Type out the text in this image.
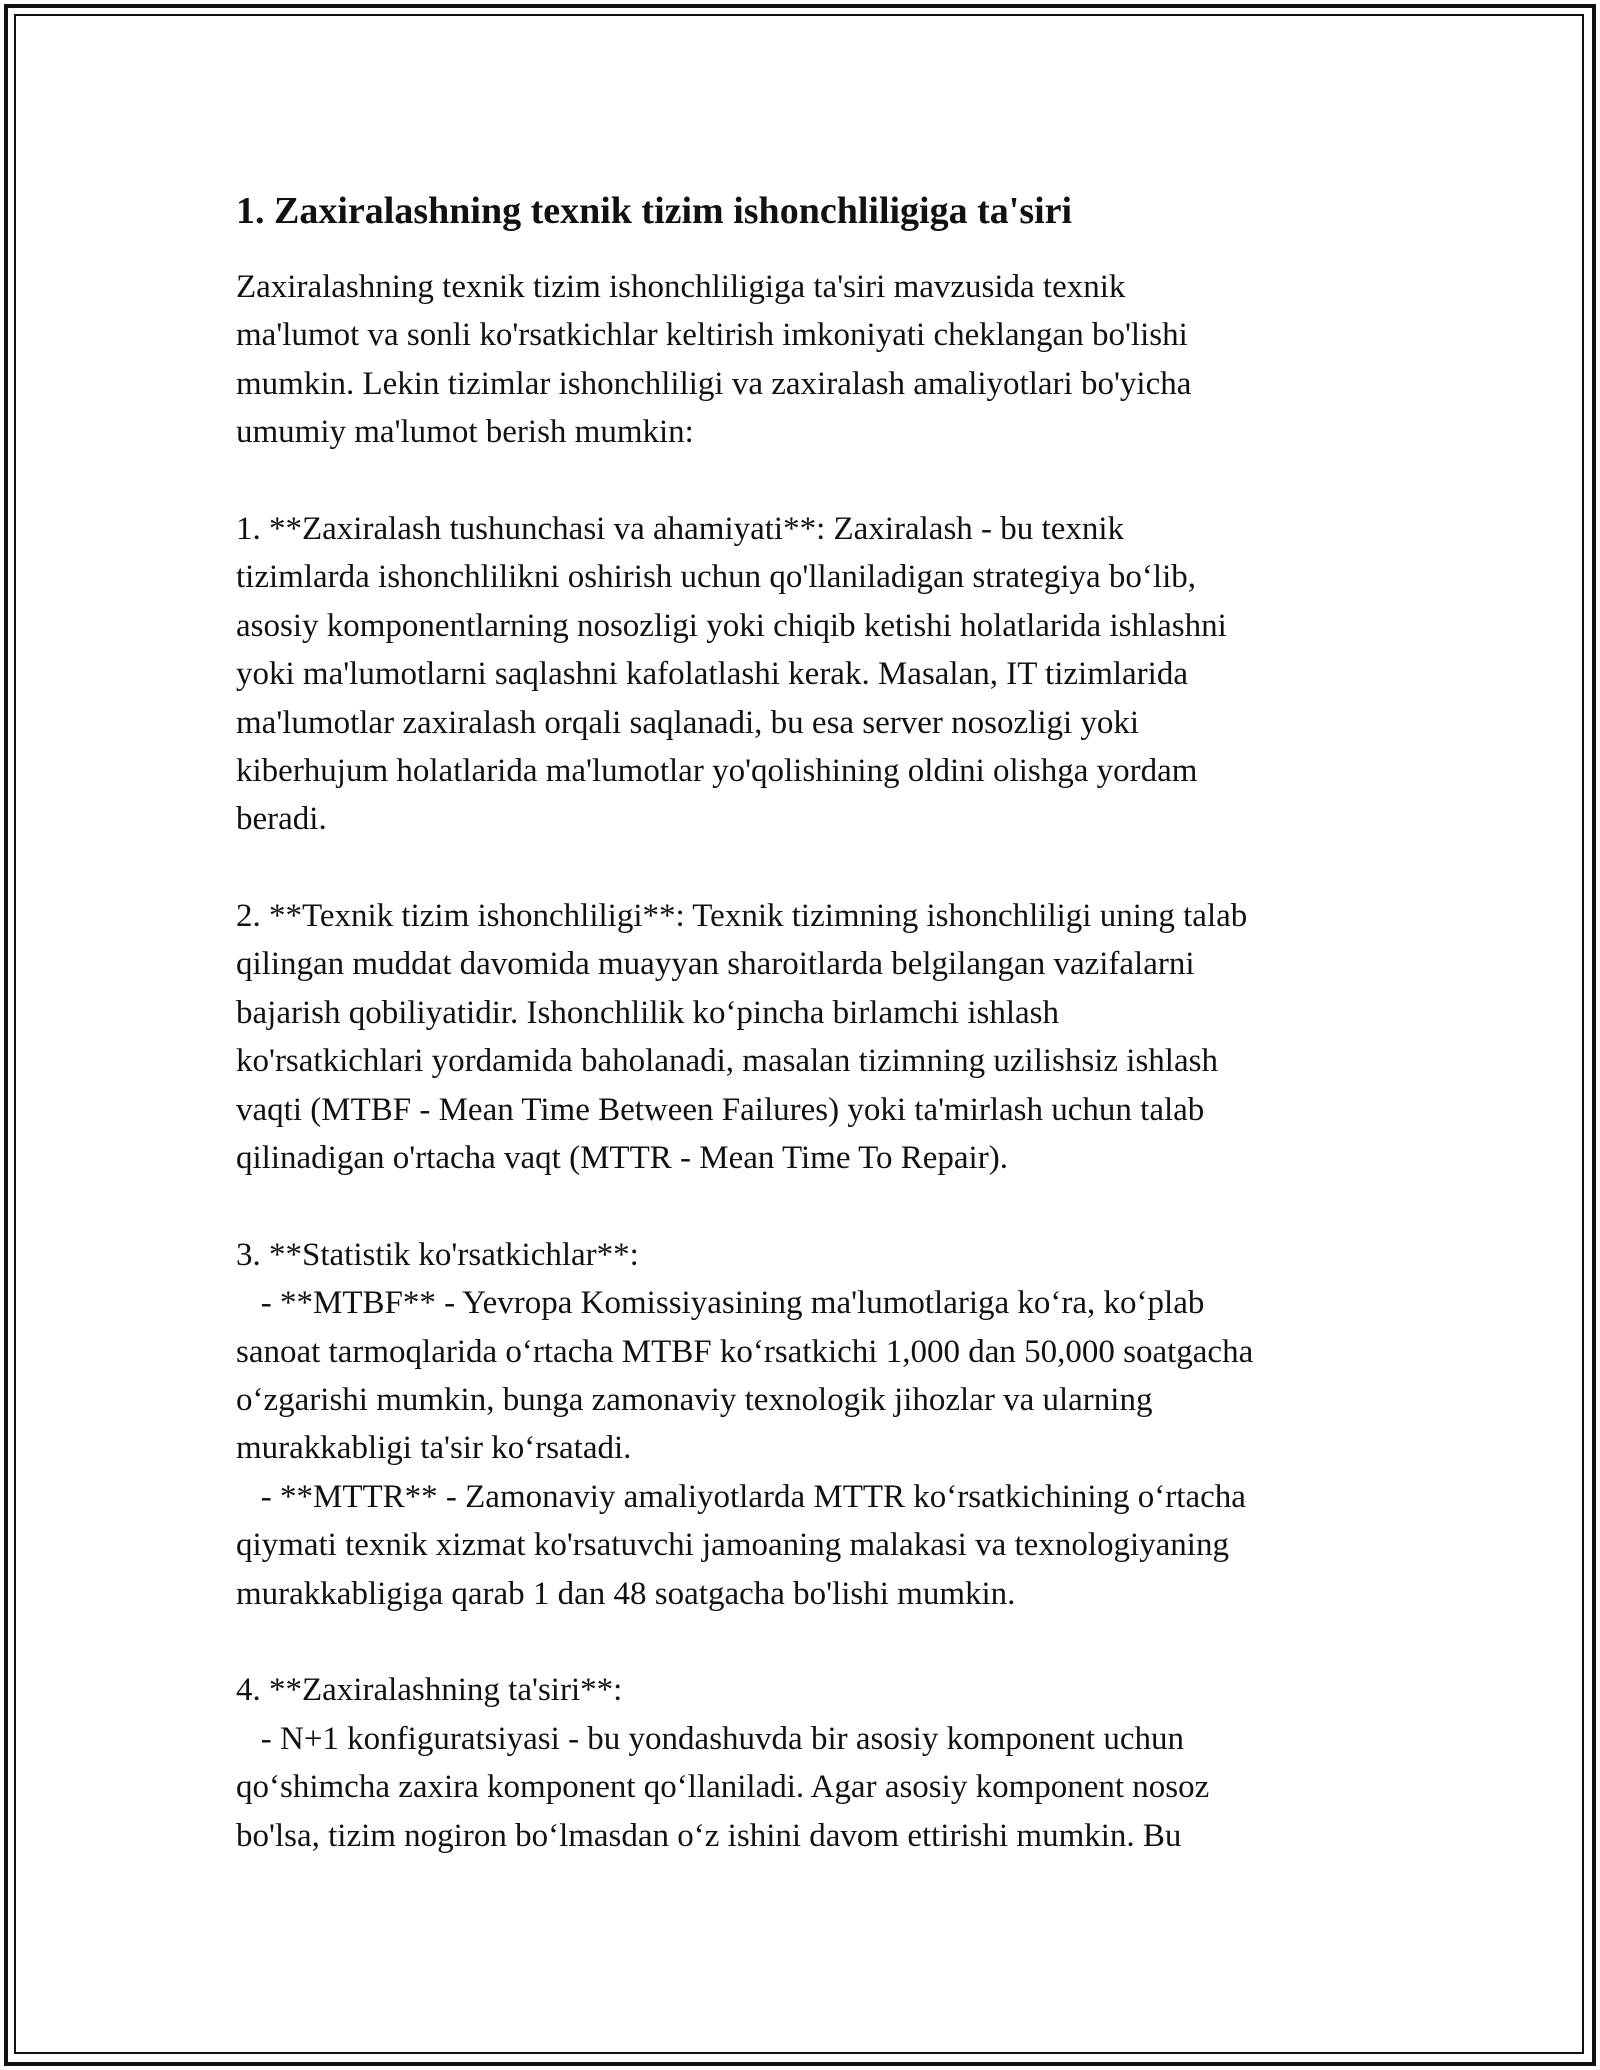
1. Zaxiralashning texnik tizim ishonchliligiga ta'siri
Zaxiralashning texnik tizim ishonchliligiga ta'siri mavzusida texnik
ma'lumot va sonli ko'rsatkichlar keltirish imkoniyati cheklangan bo'lishi
mumkin. Lekin tizimlar ishonchliligi va zaxiralash amaliyotlari bo'yicha
umumiy ma'lumot berish mumkin:
1. **Zaxiralash tushunchasi va ahamiyati**: Zaxiralash - bu texnik
tizimlarda ishonchlilikni oshirish uchun qo'llaniladigan strategiya bo‘lib,
asosiy komponentlarning nosozligi yoki chiqib ketishi holatlarida ishlashni
yoki ma'lumotlarni saqlashni kafolatlashi kerak. Masalan, IT tizimlarida
ma'lumotlar zaxiralash orqali saqlanadi, bu esa server nosozligi yoki
kiberhujum holatlarida ma'lumotlar yo'qolishining oldini olishga yordam
beradi.
2. **Texnik tizim ishonchliligi**: Texnik tizimning ishonchliligi uning talab
qilingan muddat davomida muayyan sharoitlarda belgilangan vazifalarni
bajarish qobiliyatidir. Ishonchlilik ko‘pincha birlamchi ishlash
ko'rsatkichlari yordamida baholanadi, masalan tizimning uzilishsiz ishlash
vaqti (MTBF - Mean Time Between Failures) yoki ta'mirlash uchun talab
qilinadigan o'rtacha vaqt (MTTR - Mean Time To Repair).
3. **Statistik ko'rsatkichlar**:
- **MTBF** - Yevropa Komissiyasining ma'lumotlariga ko‘ra, ko‘plab
sanoat tarmoqlarida o‘rtacha MTBF ko‘rsatkichi 1,000 dan 50,000 soatgacha
o‘zgarishi mumkin, bunga zamonaviy texnologik jihozlar va ularning
murakkabligi ta'sir ko‘rsatadi.
- **MTTR** - Zamonaviy amaliyotlarda MTTR ko‘rsatkichining o‘rtacha
qiymati texnik xizmat ko'rsatuvchi jamoaning malakasi va texnologiyaning
murakkabligiga qarab 1 dan 48 soatgacha bo'lishi mumkin.
4. **Zaxiralashning ta'siri**:
- N+1 konfiguratsiyasi - bu yondashuvda bir asosiy komponent uchun
qo‘shimcha zaxira komponent qo‘llaniladi. Agar asosiy komponent nosoz
bo'lsa, tizim nogiron bo‘lmasdan o‘z ishini davom ettirishi mumkin. Bu
